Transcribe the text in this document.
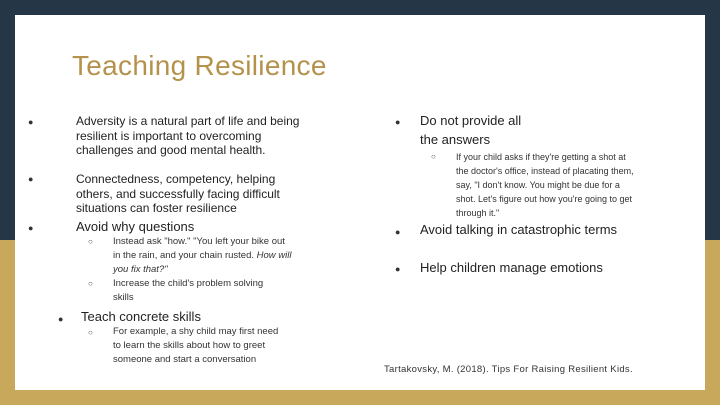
Teaching Resilience
●	Adversity is a natural part of life and being resilient is important to overcoming challenges and good mental health.
●	Connectedness, competency, helping others, and successfully facing difficult situations can foster resilience
●	Avoid why questions
○ Instead ask "how." "You left your bike out in the rain, and your chain rusted. How will you fix that?"
○ Increase the child's problem solving skills
● Teach concrete skills
○ For example, a shy child may first need to learn the skills about how to greet someone and start a conversation
● Do not provide all the answers
○ If your child asks if they're getting a shot at the doctor's office, instead of placating them, say, "I don't know. You might be due for a shot. Let's figure out how you're going to get through it."
● Avoid talking in catastrophic terms
● Help children manage emotions
Tartakovsky, M. (2018). Tips For Raising Resilient Kids.
